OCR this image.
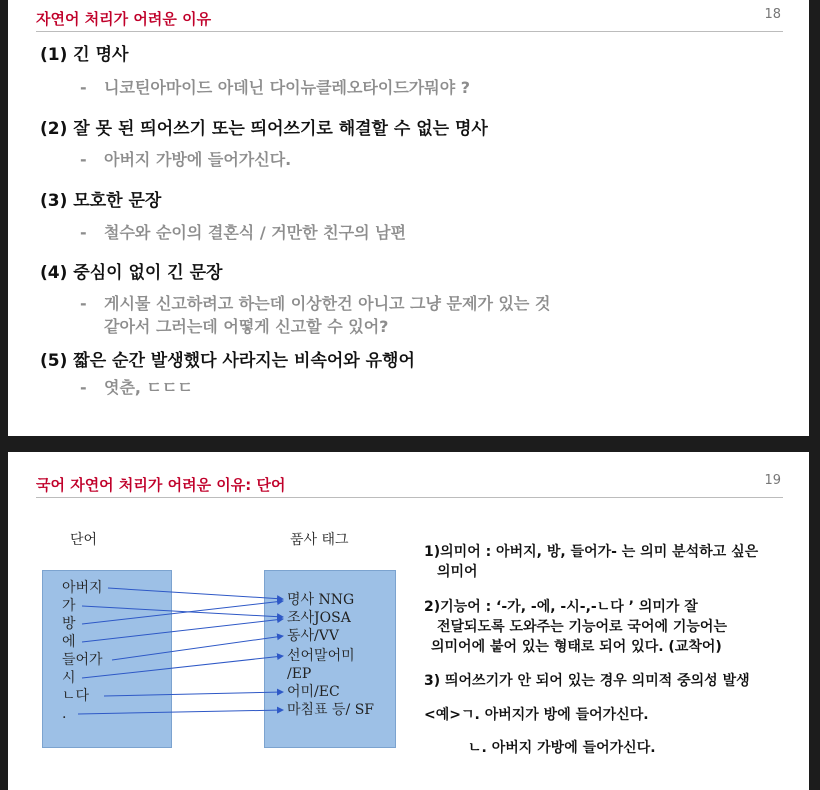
자연어 처리가 어려운 이유	18
(1) 긴 명사
- 니코틴아마이드 아데닌 다이뉴클레오타이드가뭐야 ?
(2) 잘 못 된 띄어쓰기 또는 띄어쓰기로 해결할 수 없는 명사
- 아버지 가방에 들어가신다.
(3) 모호한 문장
- 철수와 순이의 결혼식 / 거만한 친구의 남편
(4) 중심이 없이 긴 문장
- 게시물 신고하려고 하는데 이상한건 아니고 그냥 문제가 있는 것
같아서 그러는데 어떻게 신고할 수 있어?
(5) 짧은 순간 발생했다 사라지는 비속어와 유행어
- 엿춘, ㄷㄷㄷ
국어 자연어 처리가 어려운 이유: 단어	19
단어	품사 태그
아버지
가
방
에
들어가
시
ㄴ다
.
명사 NNG
조사JOSA
동사/VV
선어말어미
/EP
어미/EC
마침표 등/ SF
1)의미어 : 아버지, 방, 들어가- 는 의미 분석하고 싶은
의미어
2)기능어 : ‘-가, -에, -시-,-ㄴ다 ’ 의미가 잘
전달되도록 도와주는 기능어로 국어에 기능어는
의미어에 붙어 있는 형태로 되어 있다. (교착어)
3) 띄어쓰기가 안 되어 있는 경우 의미적 중의성 발생
<예>ㄱ. 아버지가 방에 들어가신다.
ㄴ. 아버지 가방에 들어가신다.
